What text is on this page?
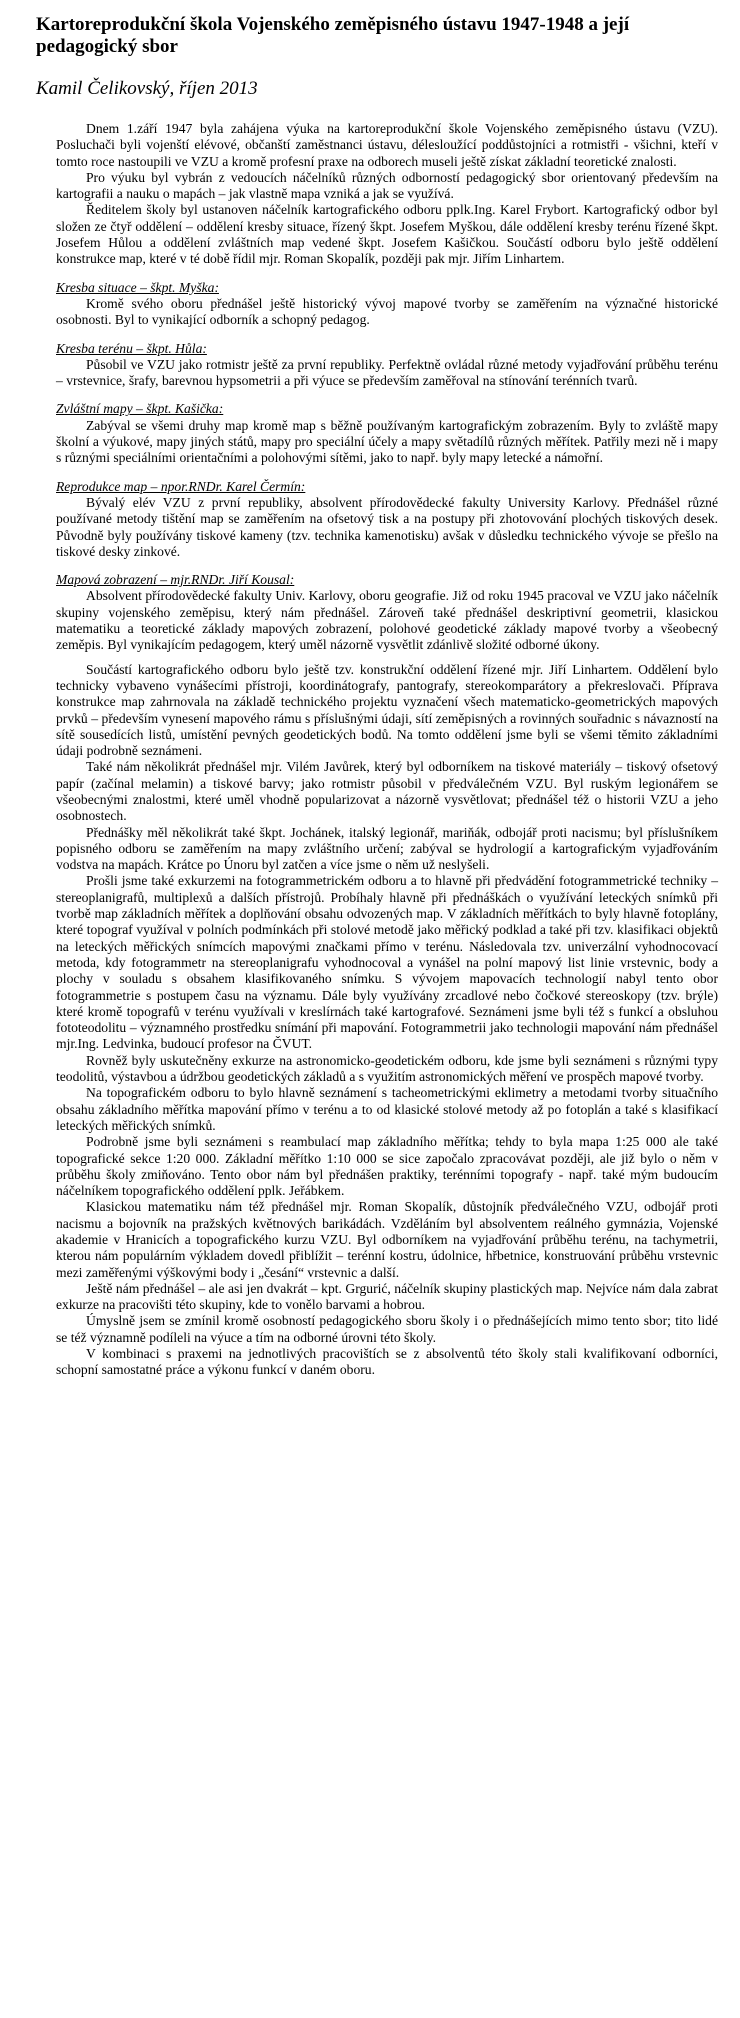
Kartoreprodukční škola Vojenského zeměpisného ústavu 1947-1948 a její pedagogický sbor
Kamil Čelikovský, říjen 2013

Dnem 1.září 1947 byla zahájena výuka na kartoreprodukční škole Vojenského zeměpisného ústavu (VZU). Posluchači byli vojenští elévové, občanští zaměstnanci ústavu, délesloužící poddůstojníci a rotmistři - všichni, kteří v tomto roce nastoupili ve VZU a kromě profesní praxe na odborech museli ještě získat základní teoretické znalosti.

Pro výuku byl vybrán z vedoucích náčelníků různých odborností pedagogický sbor orientovaný především na kartografii a nauku o mapách – jak vlastně mapa vzniká a jak se využívá.

Ředitelem školy byl ustanoven náčelník kartografického odboru pplk.Ing. Karel Frybort. Kartografický odbor byl složen ze čtyř oddělení – oddělení kresby situace, řízený škpt. Josefem Myškou, dále oddělení kresby terénu řízené škpt. Josefem Hůlou a oddělení zvláštních map vedené škpt. Josefem Kašičkou. Součástí odboru bylo ještě oddělení konstrukce map, které v té době řídil mjr. Roman Skopalík, později pak mjr. Jiřím Linhartem.

Kresba situace – škpt. Myška:

Kromě svého oboru přednášel ještě historický vývoj mapové tvorby se zaměřením na význačné historické osobnosti. Byl to vynikající odborník a schopný pedagog.

Kresba terénu – škpt. Hůla:

Působil ve VZU jako rotmistr ještě za první republiky. Perfektně ovládal různé metody vyjadřování průběhu terénu – vrstevnice, šrafy, barevnou hypsometrii a při výuce se především zaměřoval na stínování terénních tvarů.

Zvláštní mapy – škpt. Kašička:

Zabýval se všemi druhy map kromě map s běžně používaným kartografickým zobrazením. Byly to zvláště mapy školní a výukové, mapy jiných států, mapy pro speciální účely a mapy světadílů různých měřítek. Patřily mezi ně i mapy s různými speciálními orientačními a polohovými sítěmi, jako to např. byly mapy letecké a námořní.

Reprodukce map – npor.RNDr. Karel Čermín:

Bývalý elév VZU z první republiky, absolvent přírodovědecké fakulty University Karlovy. Přednášel různé používané metody tištění map se zaměřením na ofsetový tisk a na postupy při zhotovování plochých tiskových desek. Původně byly používány tiskové kameny (tzv. technika kamenotisku) avšak v důsledku technického vývoje se přešlo na tiskové desky zinkové.

Mapová zobrazení – mjr.RNDr. Jiří Kousal:

Absolvent přírodovědecké fakulty Univ. Karlovy, oboru geografie. Již od roku 1945 pracoval ve VZU jako náčelník skupiny vojenského zeměpisu, který nám přednášel. Zároveň také přednášel deskriptivní geometrii, klasickou matematiku a teoretické základy mapových zobrazení, polohové geodetické základy mapové tvorby a všeobecný zeměpis. Byl vynikajícím pedagogem, který uměl názorně vysvětlit zdánlivě složité odborné úkony.

Součástí kartografického odboru bylo ještě tzv. konstrukční oddělení řízené mjr. Jiří Linhartem. Oddělení bylo technicky vybaveno vynášecími přístroji, koordinátografy, pantografy, stereokomparátory a překreslovači. Příprava konstrukce map zahrnovala na základě technického projektu vyznačení všech matematicko-geometrických mapových prvků – především vynesení mapového rámu s příslušnými údaji, sítí zeměpisných a rovinných souřadnic s návazností na sítě sousedících listů, umístění pevných geodetických bodů. Na tomto oddělení jsme byli se všemi těmito základními údaji podrobně seznámeni.

Také nám několikrát přednášel mjr. Vilém Javůrek, který byl odborníkem na tiskové materiály – tiskový ofsetový papír (začínal melamin) a tiskové barvy; jako rotmistr působil v předválečném VZU. Byl ruským legionářem se všeobecnými znalostmi, které uměl vhodně popularizovat a názorně vysvětlovat; přednášel též o historii VZU a jeho osobnostech.

Přednášky měl několikrát také škpt. Jochánek, italský legionář, mariňák, odbojář proti nacismu; byl příslušníkem popisného odboru se zaměřením na mapy zvláštního určení; zabýval se hydrologií a kartografickým vyjadřováním vodstva na mapách. Krátce po Únoru byl zatčen a více jsme o něm už neslyšeli.

Prošli jsme také exkurzemi na fotogrammetrickém odboru a to hlavně při předvádění fotogrammetrické techniky – stereoplanigrafů, multiplexů a dalších přístrojů. Probíhaly hlavně při přednáškách o využívání leteckých snímků při tvorbě map základních měřítek a doplňování obsahu odvozených map. V základních měřítkách to byly hlavně fotoplány, které topograf využíval v polních podmínkách při stolové metodě jako měřický podklad a také při tzv. klasifikaci objektů na leteckých měřických snímcích mapovými značkami přímo v terénu. Následovala tzv. univerzální vyhodnocovací metoda, kdy fotogrammetr na stereoplanigrafu vyhodnocoval a vynášel na polní mapový list linie vrstevnic, body a plochy v souladu s obsahem klasifikovaného snímku. S vývojem mapovacích technologií nabyl tento obor fotogrammetrie s postupem času na významu. Dále byly využívány zrcadlové nebo čočkové stereoskopy (tzv. brýle) které kromě topografů v terénu využívali v kreslírnách také kartografové. Seznámeni jsme byli též s funkcí a obsluhou fototeodolitu – významného prostředku snímání při mapování. Fotogrammetrii jako technologii mapování nám přednášel mjr.Ing. Ledvinka, budoucí profesor na ČVUT.

Rovněž byly uskutečněny exkurze na astronomicko-geodetickém odboru, kde jsme byli seznámeni s různými typy teodolitů, výstavbou a údržbou geodetických základů a s využitím astronomických měření ve prospěch mapové tvorby.

Na topografickém odboru to bylo hlavně seznámení s tacheometrickými eklimetry a metodami tvorby situačního obsahu základního měřítka mapování přímo v terénu a to od klasické stolové metody až po fotoplán a také s klasifikací leteckých měřických snímků.

Podrobně jsme byli seznámeni s reambulací map základního měřítka; tehdy to byla mapa 1:25 000 ale také topografické sekce 1:20 000. Základní měřítko 1:10 000 se sice započalo zpracovávat později, ale již bylo o něm v průběhu školy zmiňováno. Tento obor nám byl přednášen praktiky, terénními topografy - např. také mým budoucím náčelníkem topografického oddělení pplk. Jeřábkem.

Klasickou matematiku nám též přednášel mjr. Roman Skopalík, důstojník předválečného VZU, odbojář proti nacismu a bojovník na pražských květnových barikádách. Vzděláním byl absolventem reálného gymnázia, Vojenské akademie v Hranicích a topografického kurzu VZU. Byl odborníkem na vyjadřování průběhu terénu, na tachymetrii, kterou nám populárním výkladem dovedl přiblížit – terénní kostru, údolnice, hřbetnice, konstruování průběhu vrstevnic mezi zaměřenými výškovými body i „česání“ vrstevnic a další.

Ještě nám přednášel – ale asi jen dvakrát – kpt. Grgurić, náčelník skupiny plastických map. Nejvíce nám dala zabrat exkurze na pracovišti této skupiny, kde to vonělo barvami a hobrou.

Úmyslně jsem se zmínil kromě osobností pedagogického sboru školy i o přednášejících mimo tento sbor; tito lidé se též významně podíleli na výuce a tím na odborné úrovni této školy.

V kombinaci s praxemi na jednotlivých pracovištích se z absolventů této školy stali kvalifikovaní odborníci, schopní samostatné práce a výkonu funkcí v daném oboru.
